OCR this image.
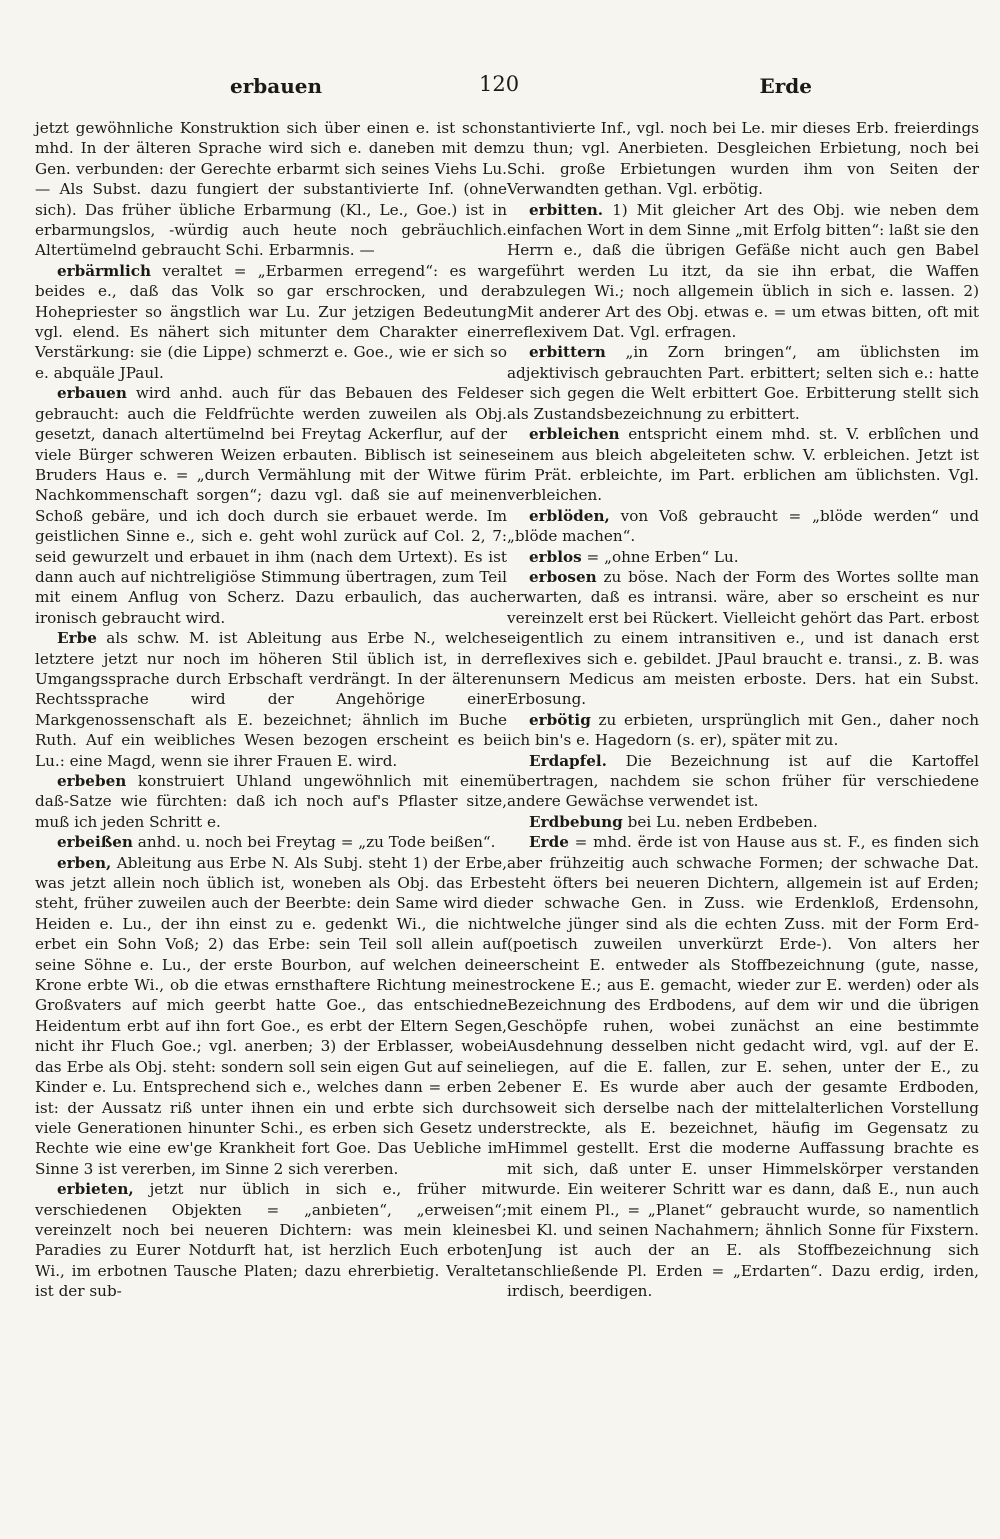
erbauen	120	Erde

jetzt gewöhnliche Konstruktion sich über einen e. ist schon mhd. In der älteren Sprache wird sich e. daneben mit dem Gen. verbunden: der Gerechte erbarmt sich seines Viehs Lu. — Als Subst. dazu fungiert der substantivierte Inf. (ohne sich). Das früher übliche Erbarmung (Kl., Le., Goe.) ist in erbarmungslos, -würdig auch heute noch gebräuchlich. Altertümelnd gebraucht Schi. Erbarmnis. —

erbärmlich veraltet = „Erbarmen erregend“: es war beides e., daß das Volk so gar erschrocken, und der Hohepriester so ängstlich war Lu. Zur jetzigen Bedeutung vgl. elend. Es nähert sich mitunter dem Charakter einer Verstärkung: sie (die Lippe) schmerzt e. Goe., wie er sich so e. abquäle JPaul.

erbauen wird anhd. auch für das Bebauen des Feldes gebraucht: auch die Feldfrüchte werden zuweilen als Obj. gesetzt, danach altertümelnd bei Freytag Ackerflur, auf der viele Bürger schweren Weizen erbauten. Biblisch ist seines Bruders Haus e. = „durch Vermählung mit der Witwe für Nachkommenschaft sorgen“; dazu vgl. daß sie auf meinen Schoß gebäre, und ich doch durch sie erbauet werde. Im geistlichen Sinne e., sich e. geht wohl zurück auf Col. 2, 7: seid gewurzelt und erbauet in ihm (nach dem Urtext). Es ist dann auch auf nichtreligiöse Stimmung übertragen, zum Teil mit einem Anflug von Scherz. Dazu erbaulich, das auch ironisch gebraucht wird.

Erbe als schw. M. ist Ableitung aus Erbe N., welches letztere jetzt nur noch im höheren Stil üblich ist, in der Umgangssprache durch Erbschaft verdrängt. In der älteren Rechtssprache wird der Angehörige einer Markgenossenschaft als E. bezeichnet; ähnlich im Buche Ruth. Auf ein weibliches Wesen bezogen erscheint es bei Lu.: eine Magd, wenn sie ihrer Frauen E. wird.

erbeben konstruiert Uhland ungewöhnlich mit einem daß-Satze wie fürchten: daß ich noch auf's Pflaster sitze, muß ich jeden Schritt e.

erbeißen anhd. u. noch bei Freytag = „zu Tode beißen“.

erben, Ableitung aus Erbe N. Als Subj. steht 1) der Erbe, was jetzt allein noch üblich ist, woneben als Obj. das Erbe steht, früher zuweilen auch der Beerbte: dein Same wird die Heiden e. Lu., der ihn einst zu e. gedenkt Wi., die nicht erbet ein Sohn Voß; 2) das Erbe: sein Teil soll allein auf seine Söhne e. Lu., der erste Bourbon, auf welchen deine Krone erbte Wi., ob die etwas ernsthaftere Richtung meines Großvaters auf mich geerbt hatte Goe., das entschiedne Heidentum erbt auf ihn fort Goe., es erbt der Eltern Segen, nicht ihr Fluch Goe.; vgl. anerben; 3) der Erblasser, wobei das Erbe als Obj. steht: sondern soll sein eigen Gut auf seine Kinder e. Lu. Entsprechend sich e., welches dann = erben 2 ist: der Aussatz riß unter ihnen ein und erbte sich durch viele Generationen hinunter Schi., es erben sich Gesetz und Rechte wie eine ew'ge Krankheit fort Goe. Das Uebliche im Sinne 3 ist vererben, im Sinne 2 sich vererben.

erbieten, jetzt nur üblich in sich e., früher mit verschiedenen Objekten = „anbieten“, „erweisen“; vereinzelt noch bei neueren Dichtern: was mein kleines Paradies zu Eurer Notdurft hat, ist herzlich Euch erboten Wi., im erbotnen Tausche Platen; dazu ehrerbietig. Veraltet ist der sub-

stantivierte Inf., vgl. noch bei Le. mir dieses Erb. freierdings zu thun; vgl. Anerbieten. Desgleichen Erbietung, noch bei Schi. große Erbietungen wurden ihm von Seiten der Verwandten gethan. Vgl. erbötig.

erbitten. 1) Mit gleicher Art des Obj. wie neben dem einfachen Wort in dem Sinne „mit Erfolg bitten“: laßt sie den Herrn e., daß die übrigen Gefäße nicht auch gen Babel geführt werden Lu itzt, da sie ihn erbat, die Waffen abzulegen Wi.; noch allgemein üblich in sich e. lassen. 2) Mit anderer Art des Obj. etwas e. = um etwas bitten, oft mit reflexivem Dat. Vgl. erfragen.

erbittern „in Zorn bringen“, am üblichsten im adjektivisch gebrauchten Part. erbittert; selten sich e.: hatte er sich gegen die Welt erbittert Goe. Erbitterung stellt sich als Zustandsbezeichnung zu erbittert.

erbleichen entspricht einem mhd. st. V. erblîchen und einem aus bleich abgeleiteten schw. V. erbleichen. Jetzt ist im Prät. erbleichte, im Part. erblichen am üblichsten. Vgl. verbleichen.

erblöden, von Voß gebraucht = „blöde werden“ und „blöde machen“.

erblos = „ohne Erben“ Lu.

erbosen zu böse. Nach der Form des Wortes sollte man erwarten, daß es intransi. wäre, aber so erscheint es nur vereinzelt erst bei Rückert. Vielleicht gehört das Part. erbost eigentlich zu einem intransitiven e., und ist danach erst reflexives sich e. gebildet. JPaul braucht e. transi., z. B. was unsern Medicus am meisten erboste. Ders. hat ein Subst. Erbosung.

erbötig zu erbieten, ursprünglich mit Gen., daher noch ich bin's e. Hagedorn (s. er), später mit zu.

Erdapfel. Die Bezeichnung ist auf die Kartoffel übertragen, nachdem sie schon früher für verschiedene andere Gewächse verwendet ist.

Erdbebung bei Lu. neben Erdbeben.

Erde = mhd. ërde ist von Hause aus st. F., es finden sich aber frühzeitig auch schwache Formen; der schwache Dat. steht öfters bei neueren Dichtern, allgemein ist auf Erden; der schwache Gen. in Zuss. wie Erdenkloß, Erdensohn, welche jünger sind als die echten Zuss. mit der Form Erd- (poetisch zuweilen unverkürzt Erde-). Von alters her erscheint E. entweder als Stoffbezeichnung (gute, nasse, trockene E.; aus E. gemacht, wieder zur E. werden) oder als Bezeichnung des Erdbodens, auf dem wir und die übrigen Geschöpfe ruhen, wobei zunächst an eine bestimmte Ausdehnung desselben nicht gedacht wird, vgl. auf der E. liegen, auf die E. fallen, zur E. sehen, unter der E., zu ebener E. Es wurde aber auch der gesamte Erdboden, soweit sich derselbe nach der mittelalterlichen Vorstellung erstreckte, als E. bezeichnet, häufig im Gegensatz zu Himmel gestellt. Erst die moderne Auffassung brachte es mit sich, daß unter E. unser Himmelskörper verstanden wurde. Ein weiterer Schritt war es dann, daß E., nun auch mit einem Pl., = „Planet“ gebraucht wurde, so namentlich bei Kl. und seinen Nachahmern; ähnlich Sonne für Fixstern. Jung ist auch der an E. als Stoffbezeichnung sich anschließende Pl. Erden = „Erdarten“. Dazu erdig, irden, irdisch, beerdigen.
